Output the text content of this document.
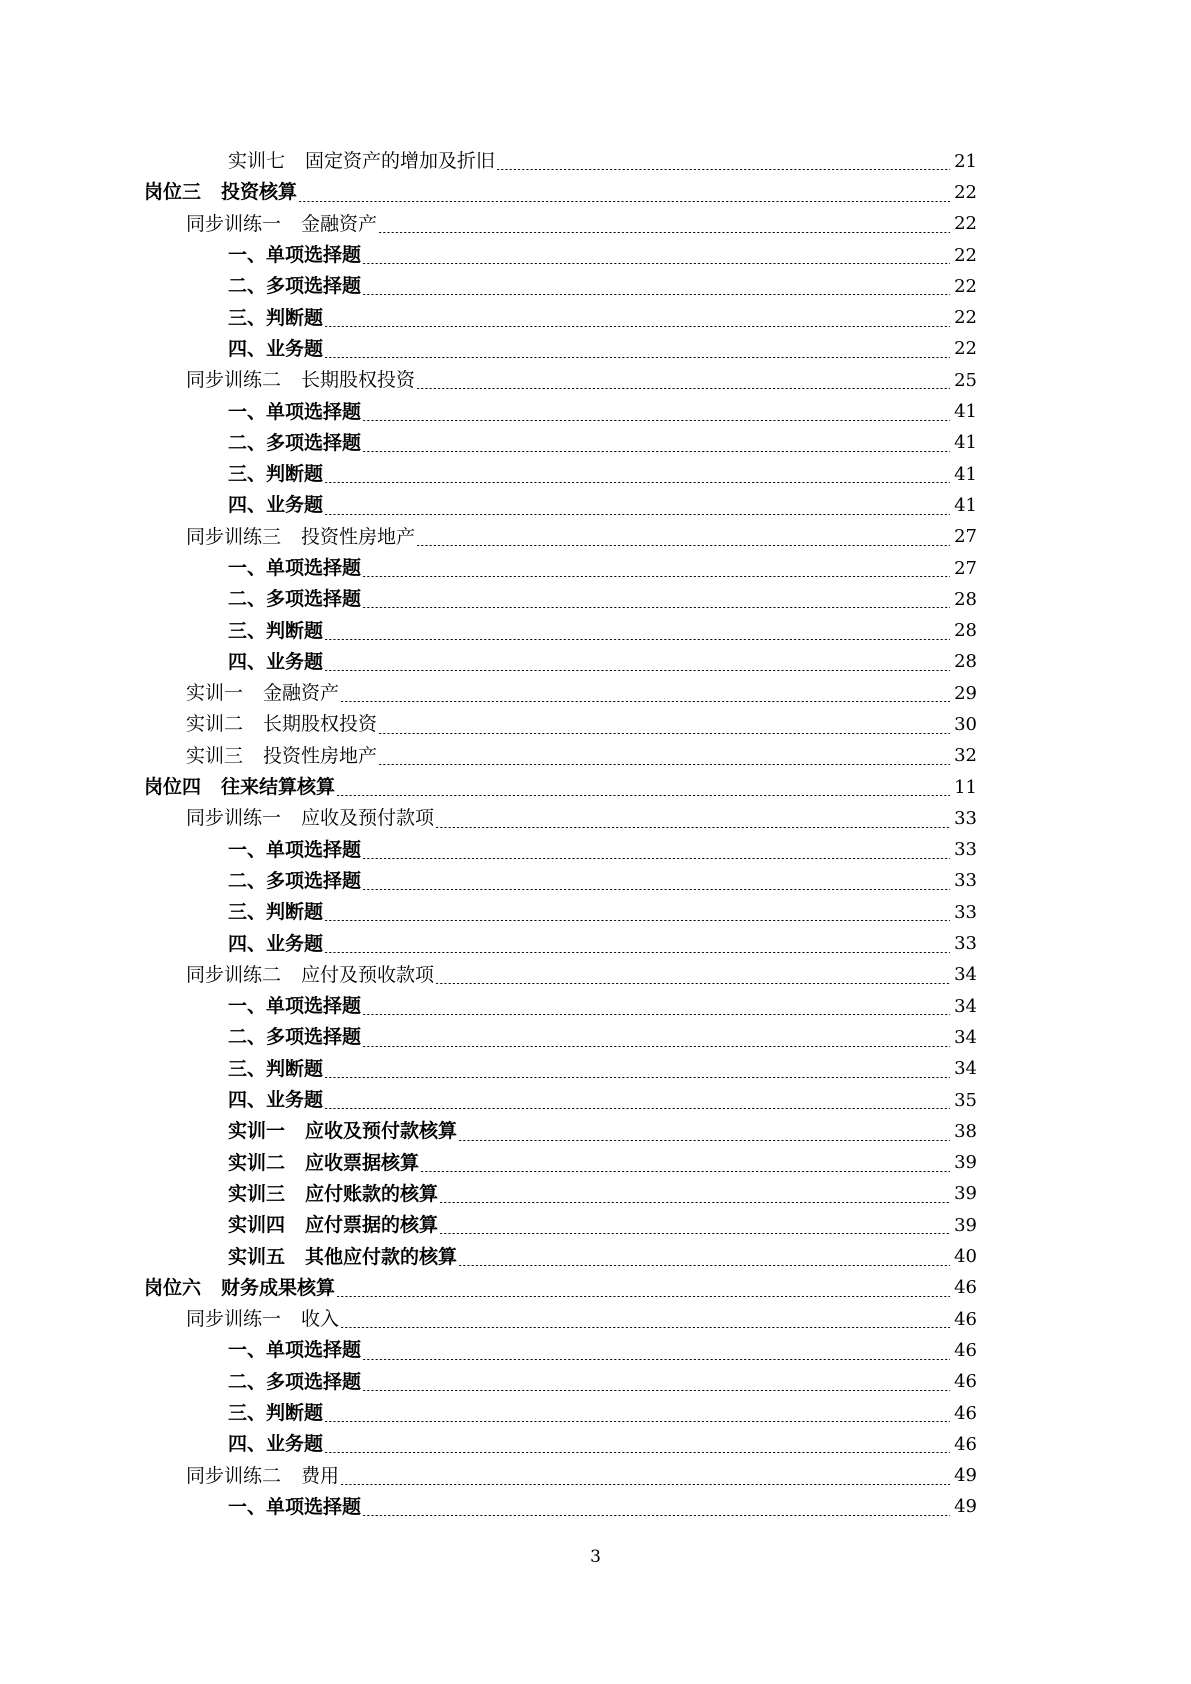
实训七 固定资产的增加及折旧	21
岗位三 投资核算	22
同步训练一 金融资产	22
一、单项选择题	22
二、多项选择题	22
三、判断题	22
四、业务题	22
同步训练二 长期股权投资	25
一、单项选择题	41
二、多项选择题	41
三、判断题	41
四、业务题	41
同步训练三 投资性房地产	27
一、单项选择题	27
二、多项选择题	28
三、判断题	28
四、业务题	28
实训一 金融资产	29
实训二 长期股权投资	30
实训三 投资性房地产	32
岗位四 往来结算核算	11
同步训练一 应收及预付款项	33
一、单项选择题	33
二、多项选择题	33
三、判断题	33
四、业务题	33
同步训练二 应付及预收款项	34
一、单项选择题	34
二、多项选择题	34
三、判断题	34
四、业务题	35
实训一 应收及预付款核算	38
实训二 应收票据核算	39
实训三 应付账款的核算	39
实训四 应付票据的核算	39
实训五 其他应付款的核算	40
岗位六 财务成果核算	46
同步训练一 收入	46
一、单项选择题	46
二、多项选择题	46
三、判断题	46
四、业务题	46
同步训练二 费用	49
一、单项选择题	49
3
